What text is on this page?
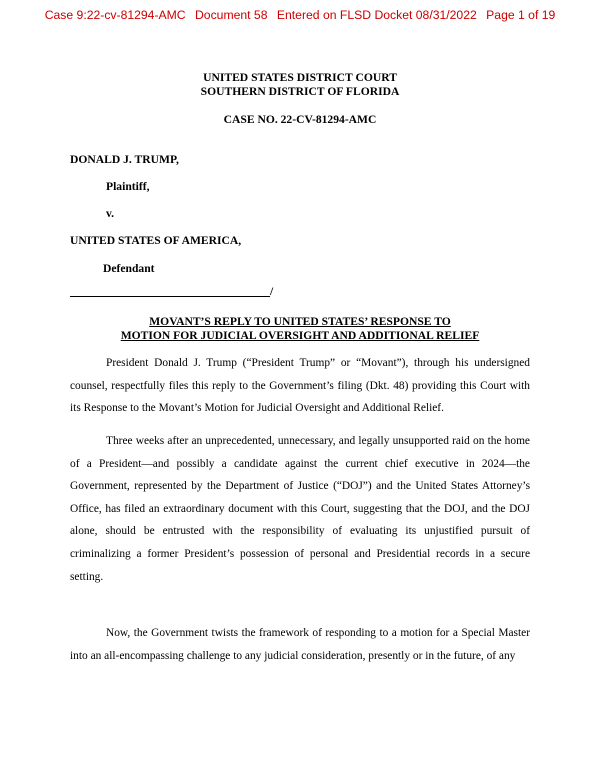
Case 9:22-cv-81294-AMC Document 58 Entered on FLSD Docket 08/31/2022 Page 1 of 19
UNITED STATES DISTRICT COURT
SOUTHERN DISTRICT OF FLORIDA
CASE NO. 22-CV-81294-AMC
DONALD J. TRUMP,
Plaintiff,
v.
UNITED STATES OF AMERICA,
Defendant
/
MOVANT’S REPLY TO UNITED STATES’ RESPONSE TO
MOTION FOR JUDICIAL OVERSIGHT AND ADDITIONAL RELIEF
President Donald J. Trump (“President Trump” or “Movant”), through his undersigned counsel, respectfully files this reply to the Government’s filing (Dkt. 48) providing this Court with its Response to the Movant’s Motion for Judicial Oversight and Additional Relief.
Three weeks after an unprecedented, unnecessary, and legally unsupported raid on the home of a President—and possibly a candidate against the current chief executive in 2024—the Government, represented by the Department of Justice (“DOJ”) and the United States Attorney’s Office, has filed an extraordinary document with this Court, suggesting that the DOJ, and the DOJ alone, should be entrusted with the responsibility of evaluating its unjustified pursuit of criminalizing a former President’s possession of personal and Presidential records in a secure setting.
Now, the Government twists the framework of responding to a motion for a Special Master into an all-encompassing challenge to any judicial consideration, presently or in the future, of any
